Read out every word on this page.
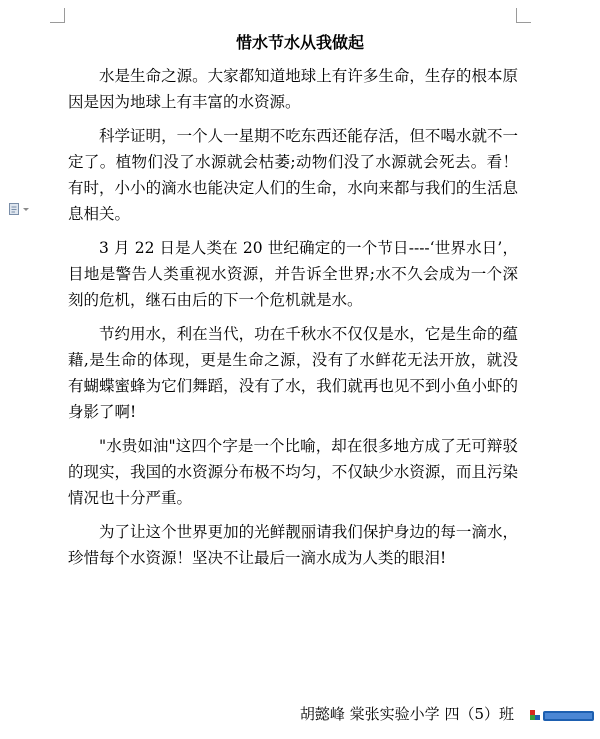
惜水节水从我做起

水是生命之源。大家都知道地球上有许多生命，生存的根本原因是因为地球上有丰富的水资源。

科学证明，一个人一星期不吃东西还能存活，但不喝水就不一定了。植物们没了水源就会枯萎;动物们没了水源就会死去。看！有时，小小的滴水也能决定人们的生命，水向来都与我们的生活息息相关。

3 月 22 日是人类在 20 世纪确定的一个节日----‘世界水日’，目地是警告人类重视水资源，并告诉全世界;水不久会成为一个深刻的危机，继石由后的下一个危机就是水。

节约用水，利在当代，功在千秋水不仅仅是水，它是生命的蕴藉,是生命的体现，更是生命之源，没有了水鲜花无法开放，就没有蝴蝶蜜蜂为它们舞蹈，没有了水，我们就再也见不到小鱼小虾的身影了啊!

"水贵如油"这四个字是一个比喻，却在很多地方成了无可辩驳的现实，我国的水资源分布极不均匀，不仅缺少水资源，而且污染情况也十分严重。

为了让这个世界更加的光鲜靓丽请我们保护身边的每一滴水，珍惜每个水资源！坚决不让最后一滴水成为人类的眼泪!

胡懿峰 棠张实验小学 四（5）班
